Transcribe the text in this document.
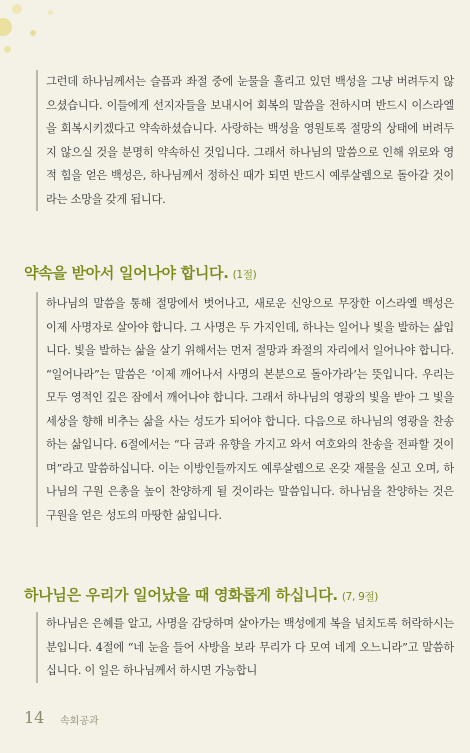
그런데 하나님께서는 슬픔과 좌절 중에 눈물을 흘리고 있던 백성을 그냥 버려두지 않으셨습니다. 이들에게 선지자들을 보내시어 회복의 말씀을 전하시며 반드시 이스라엘을 회복시키겠다고 약속하셨습니다. 사랑하는 백성을 영원토록 절망의 상태에 버려두지 않으실 것을 분명히 약속하신 것입니다. 그래서 하나님의 말씀으로 인해 위로와 영적 힘을 얻은 백성은, 하나님께서 정하신 때가 되면 반드시 예루살렘으로 돌아갈 것이라는 소망을 갖게 됩니다.

약속을 받아서 일어나야 합니다. (1절)

하나님의 말씀을 통해 절망에서 벗어나고, 새로운 신앙으로 무장한 이스라엘 백성은 이제 사명자로 살아야 합니다. 그 사명은 두 가지인데, 하나는 일어나 빛을 발하는 삶입니다. 빛을 발하는 삶을 살기 위해서는 먼저 절망과 좌절의 자리에서 일어나야 합니다. “일어나라”는 말씀은 ‘이제 깨어나서 사명의 본분으로 돌아가라’는 뜻입니다. 우리는 모두 영적인 깊은 잠에서 깨어나야 합니다. 그래서 하나님의 영광의 빛을 받아 그 빛을 세상을 향해 비추는 삶을 사는 성도가 되어야 합니다. 다음으로 하나님의 영광을 찬송하는 삶입니다. 6절에서는 “다 금과 유향을 가지고 와서 여호와의 찬송을 전파할 것이며”라고 말씀하십니다. 이는 이방인들까지도 예루살렘으로 온갖 재물을 싣고 오며, 하나님의 구원 은총을 높이 찬양하게 될 것이라는 말씀입니다. 하나님을 찬양하는 것은 구원을 얻은 성도의 마땅한 삶입니다.

하나님은 우리가 일어났을 때 영화롭게 하십니다. (7, 9절)

하나님은 은혜를 알고, 사명을 감당하며 살아가는 백성에게 복을 넘치도록 허락하시는 분입니다. 4절에 “네 눈을 들어 사방을 보라 무리가 다 모여 네게 오느니라”고 말씀하십니다. 이 일은 하나님께서 하시면 가능합니

14 속회공과
